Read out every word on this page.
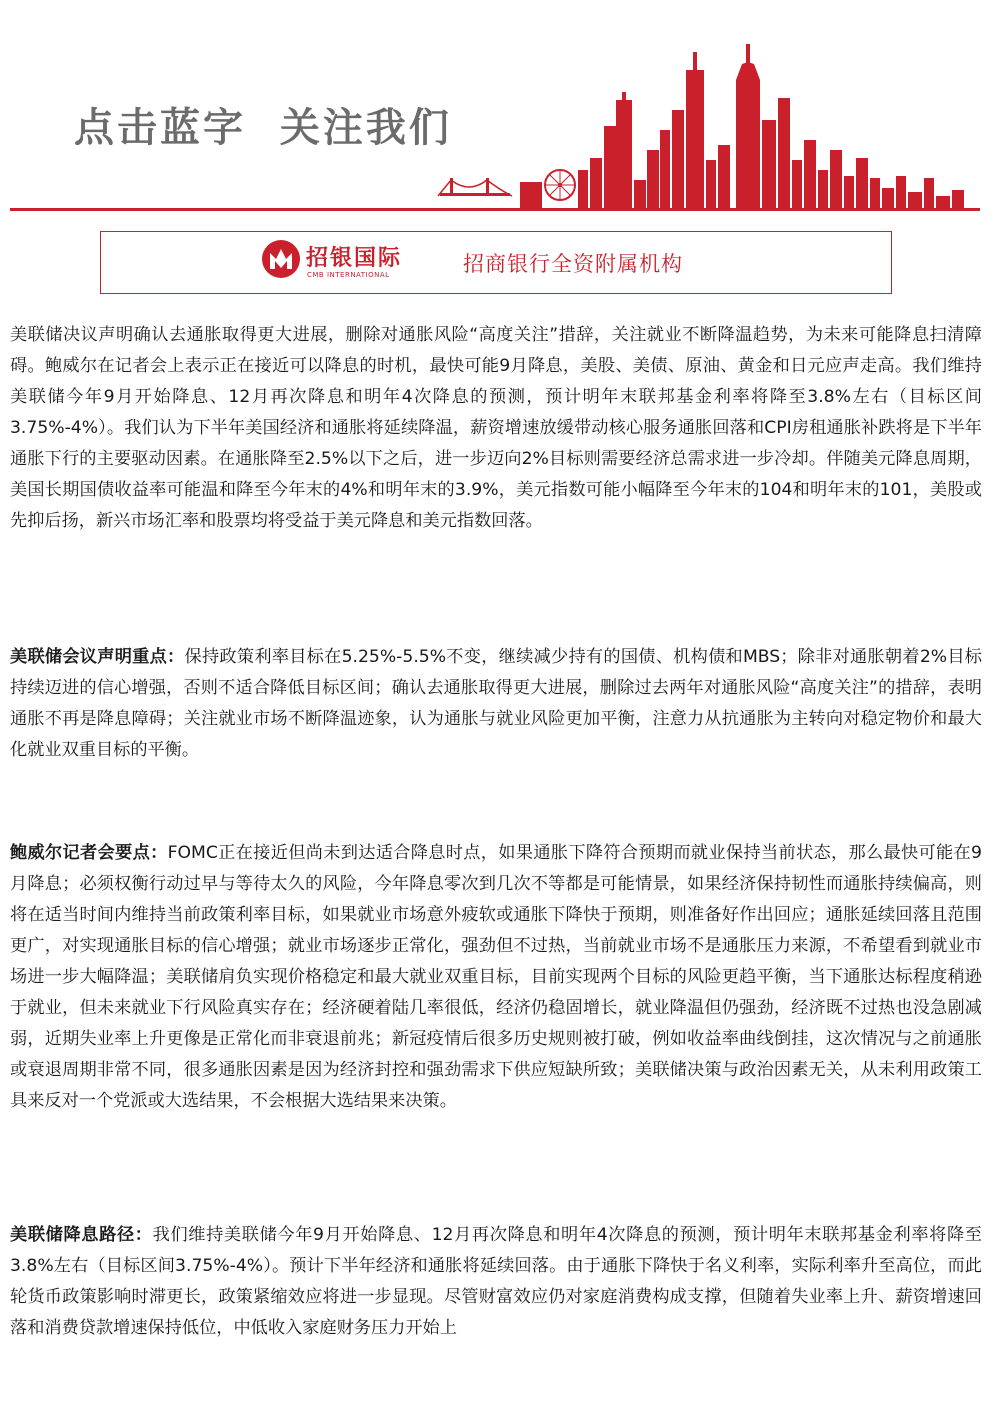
点击蓝字  关注我们
招银国际
CMB INTERNATIONAL	招商银行全资附属机构

美联储决议声明确认去通胀取得更大进展，删除对通胀风险“高度关注”措辞，关注就业不断降温趋势，为未来可能降息扫清障碍。鲍威尔在记者会上表示正在接近可以降息的时机，最快可能9月降息，美股、美债、原油、黄金和日元应声走高。我们维持美联储今年9月开始降息、12月再次降息和明年4次降息的预测，预计明年末联邦基金利率将降至3.8%左右（目标区间3.75%-4%）。我们认为下半年美国经济和通胀将延续降温，薪资增速放缓带动核心服务通胀回落和CPI房租通胀补跌将是下半年通胀下行的主要驱动因素。在通胀降至2.5%以下之后，进一步迈向2%目标则需要经济总需求进一步冷却。伴随美元降息周期，美国长期国债收益率可能温和降至今年末的4%和明年末的3.9%，美元指数可能小幅降至今年末的104和明年末的101，美股或先抑后扬，新兴市场汇率和股票均将受益于美元降息和美元指数回落。

美联储会议声明重点：保持政策利率目标在5.25%-5.5%不变，继续减少持有的国债、机构债和MBS；除非对通胀朝着2%目标持续迈进的信心增强，否则不适合降低目标区间；确认去通胀取得更大进展，删除过去两年对通胀风险“高度关注”的措辞，表明通胀不再是降息障碍；关注就业市场不断降温迹象，认为通胀与就业风险更加平衡，注意力从抗通胀为主转向对稳定物价和最大化就业双重目标的平衡。

鲍威尔记者会要点：FOMC正在接近但尚未到达适合降息时点，如果通胀下降符合预期而就业保持当前状态，那么最快可能在9月降息；必须权衡行动过早与等待太久的风险，今年降息零次到几次不等都是可能情景，如果经济保持韧性而通胀持续偏高，则将在适当时间内维持当前政策利率目标，如果就业市场意外疲软或通胀下降快于预期，则准备好作出回应；通胀延续回落且范围更广，对实现通胀目标的信心增强；就业市场逐步正常化，强劲但不过热，当前就业市场不是通胀压力来源，不希望看到就业市场进一步大幅降温；美联储肩负实现价格稳定和最大就业双重目标，目前实现两个目标的风险更趋平衡，当下通胀达标程度稍逊于就业，但未来就业下行风险真实存在；经济硬着陆几率很低，经济仍稳固增长，就业降温但仍强劲，经济既不过热也没急剧减弱，近期失业率上升更像是正常化而非衰退前兆；新冠疫情后很多历史规则被打破，例如收益率曲线倒挂，这次情况与之前通胀或衰退周期非常不同，很多通胀因素是因为经济封控和强劲需求下供应短缺所致；美联储决策与政治因素无关，从未利用政策工具来反对一个党派或大选结果，不会根据大选结果来决策。

美联储降息路径：我们维持美联储今年9月开始降息、12月再次降息和明年4次降息的预测，预计明年末联邦基金利率将降至3.8%左右（目标区间3.75%-4%）。预计下半年经济和通胀将延续回落。由于通胀下降快于名义利率，实际利率升至高位，而此轮货币政策影响时滞更长，政策紧缩效应将进一步显现。尽管财富效应仍对家庭消费构成支撑，但随着失业率上升、薪资增速回落和消费贷款增速保持低位，中低收入家庭财务压力开始上
